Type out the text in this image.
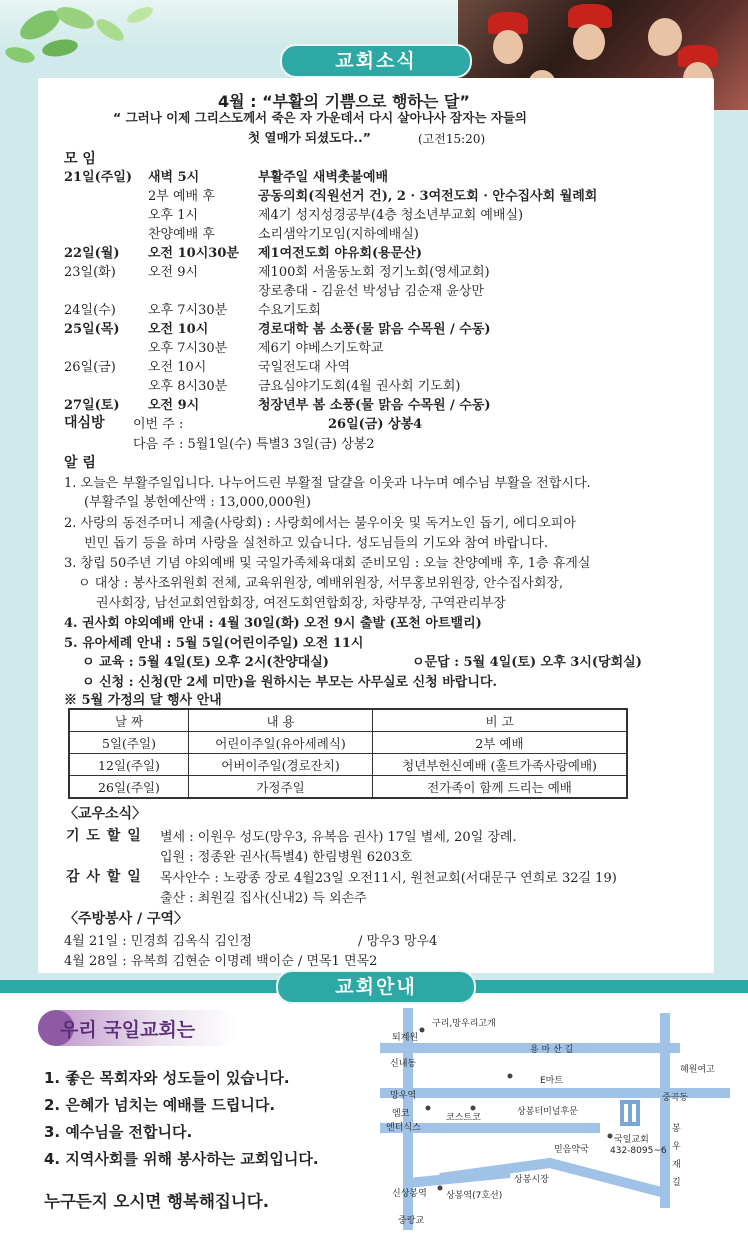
교회소식
4월 : “부활의 기쁨으로 행하는 달”
“ 그러나 이제 그리스도께서 죽은 자 가운데서 다시 살아나사 잠자는 자들의
첫 열매가 되셨도다..”	(고전15:20)
모 임
21일(주일) 새벽 5시	부활주일 새벽촛불예배
2부 예배 후	공동의회(직원선거 건), 2 · 3여전도회 · 안수집사회 월례회
오후 1시	제4기 성지성경공부(4층 청소년부교회 예배실)
찬양예배 후	소리샘악기모임(지하예배실)
22일(월) 오전 10시30분 제1여전도회 야유회(용문산)
23일(화) 오전 9시	제100회 서울동노회 정기노회(영세교회)
장로총대 - 김윤선 박성남 김순재 윤상만
24일(수) 오후 7시30분 수요기도회
25일(목) 오전 10시	경로대학 봄 소풍(물 맑음 수목원 / 수동)
오후 7시30분 제6기 야베스기도학교
26일(금) 오전 10시	국일전도대 사역
오후 8시30분 금요심야기도회(4월 권사회 기도회)
27일(토) 오전 9시	청장년부 봄 소풍(물 맑음 수목원 / 수동)
대심방 이번 주 :	26일(금) 상봉4
다음 주 : 5월1일(수) 특별3 3일(금) 상봉2
알 림
1. 오늘은 부활주일입니다. 나누어드린 부활절 달걀을 이웃과 나누며 예수님 부활을 전합시다.
(부활주일 봉헌예산액 : 13,000,000원)
2. 사랑의 동전주머니 제출(사랑회) : 사랑회에서는 불우이웃 및 독거노인 돕기, 에디오피아
빈민 돕기 등을 하며 사랑을 실천하고 있습니다. 성도님들의 기도와 참여 바랍니다.
3. 창립 50주년 기념 야외예배 및 국일가족체육대회 준비모임 : 오늘 찬양예배 후, 1층 휴게실
ㅇ 대상 : 봉사조위원회 전체, 교육위원장, 예배위원장, 서무홍보위원장, 안수집사회장,
권사회장, 남선교회연합회장, 여전도회연합회장, 차량부장, 구역관리부장
4. 권사회 야외예배 안내 : 4월 30일(화) 오전 9시 출발 (포천 아트밸리)
5. 유아세례 안내 : 5월 5일(어린이주일) 오전 11시
ㅇ 교육 : 5월 4일(토) 오후 2시(찬양대실)	ㅇ문답 : 5월 4일(토) 오후 3시(당회실)
ㅇ 신청 : 신청(만 2세 미만)을 원하시는 부모는 사무실로 신청 바랍니다.
※ 5월 가정의 달 행사 안내
날 짜	내 용	비 고
5일(주일)	어린이주일(유아세례식)	2부 예배
12일(주일)	어버이주일(경로잔치)	청년부헌신예배 (훌트가족사랑예배)
26일(주일)	가정주일	전가족이 함께 드리는 예배
〈교우소식〉
기 도 할 일 별세 : 이원우 성도(망우3, 유복음 권사) 17일 별세, 20일 장례.
입원 : 정종완 권사(특별4) 한림병원 6203호
감 사 할 일 목사안수 : 노광종 장로 4월23일 오전11시, 원천교회(서대문구 연희로 32길 19)
출산 : 최원길 집사(신내2) 득 외손주
〈주방봉사 / 구역〉
4월 21일 : 민경희 김옥식 김인정	/ 망우3 망우4
4월 28일 : 유복희 김현순 이명례 백이순 / 면목1 면목2
교회안내
우리 국일교회는
1. 좋은 목회자와 성도들이 있습니다.
2. 은혜가 넘치는 예배를 드립니다.
3. 예수님을 전합니다.
4. 지역사회를 위해 봉사하는 교회입니다.
누구든지 오시면 행복해집니다.
구리,망우리고개
퇴계원
용 마 산 길
신내동
E마트
혜원여고
망우역	중곡동
엠코
엔터식스
코스트코
상봉터미널후문
국일교회
432-8095~6
믿음약국
봉우재길
상봉시장
신상봉역 상봉역(7호선)
중랑교
